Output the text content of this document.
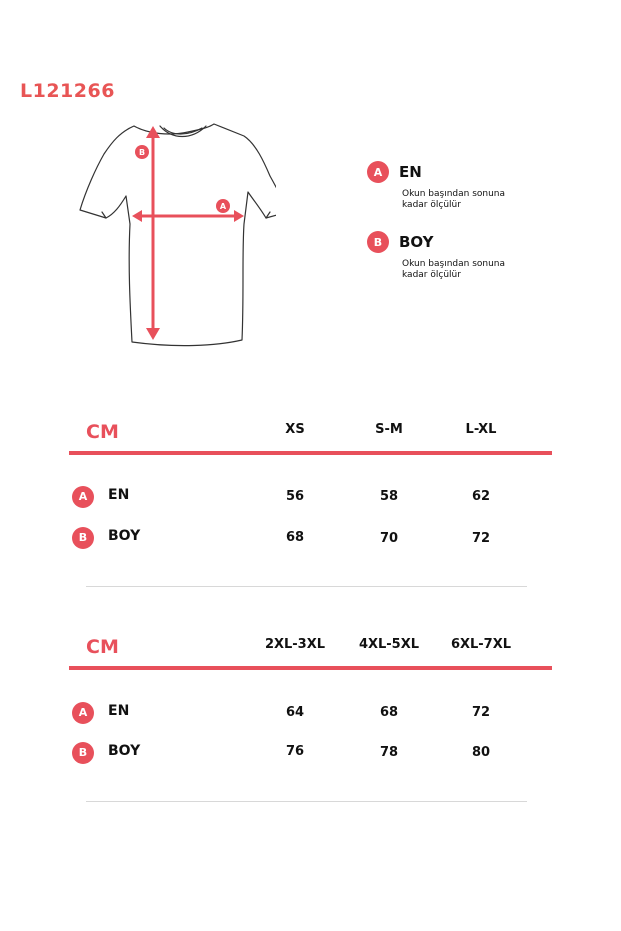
L121266
B
A
A	EN
Okun başından sonuna kadar ölçülür
B	BOY
Okun başından sonuna kadar ölçülür
CM	XS	S-M	L-XL
A	EN	56	58	62
B	BOY	68	70	72
CM	2XL-3XL	4XL-5XL	6XL-7XL
A	EN	64	68	72
B	BOY	76	78	80
